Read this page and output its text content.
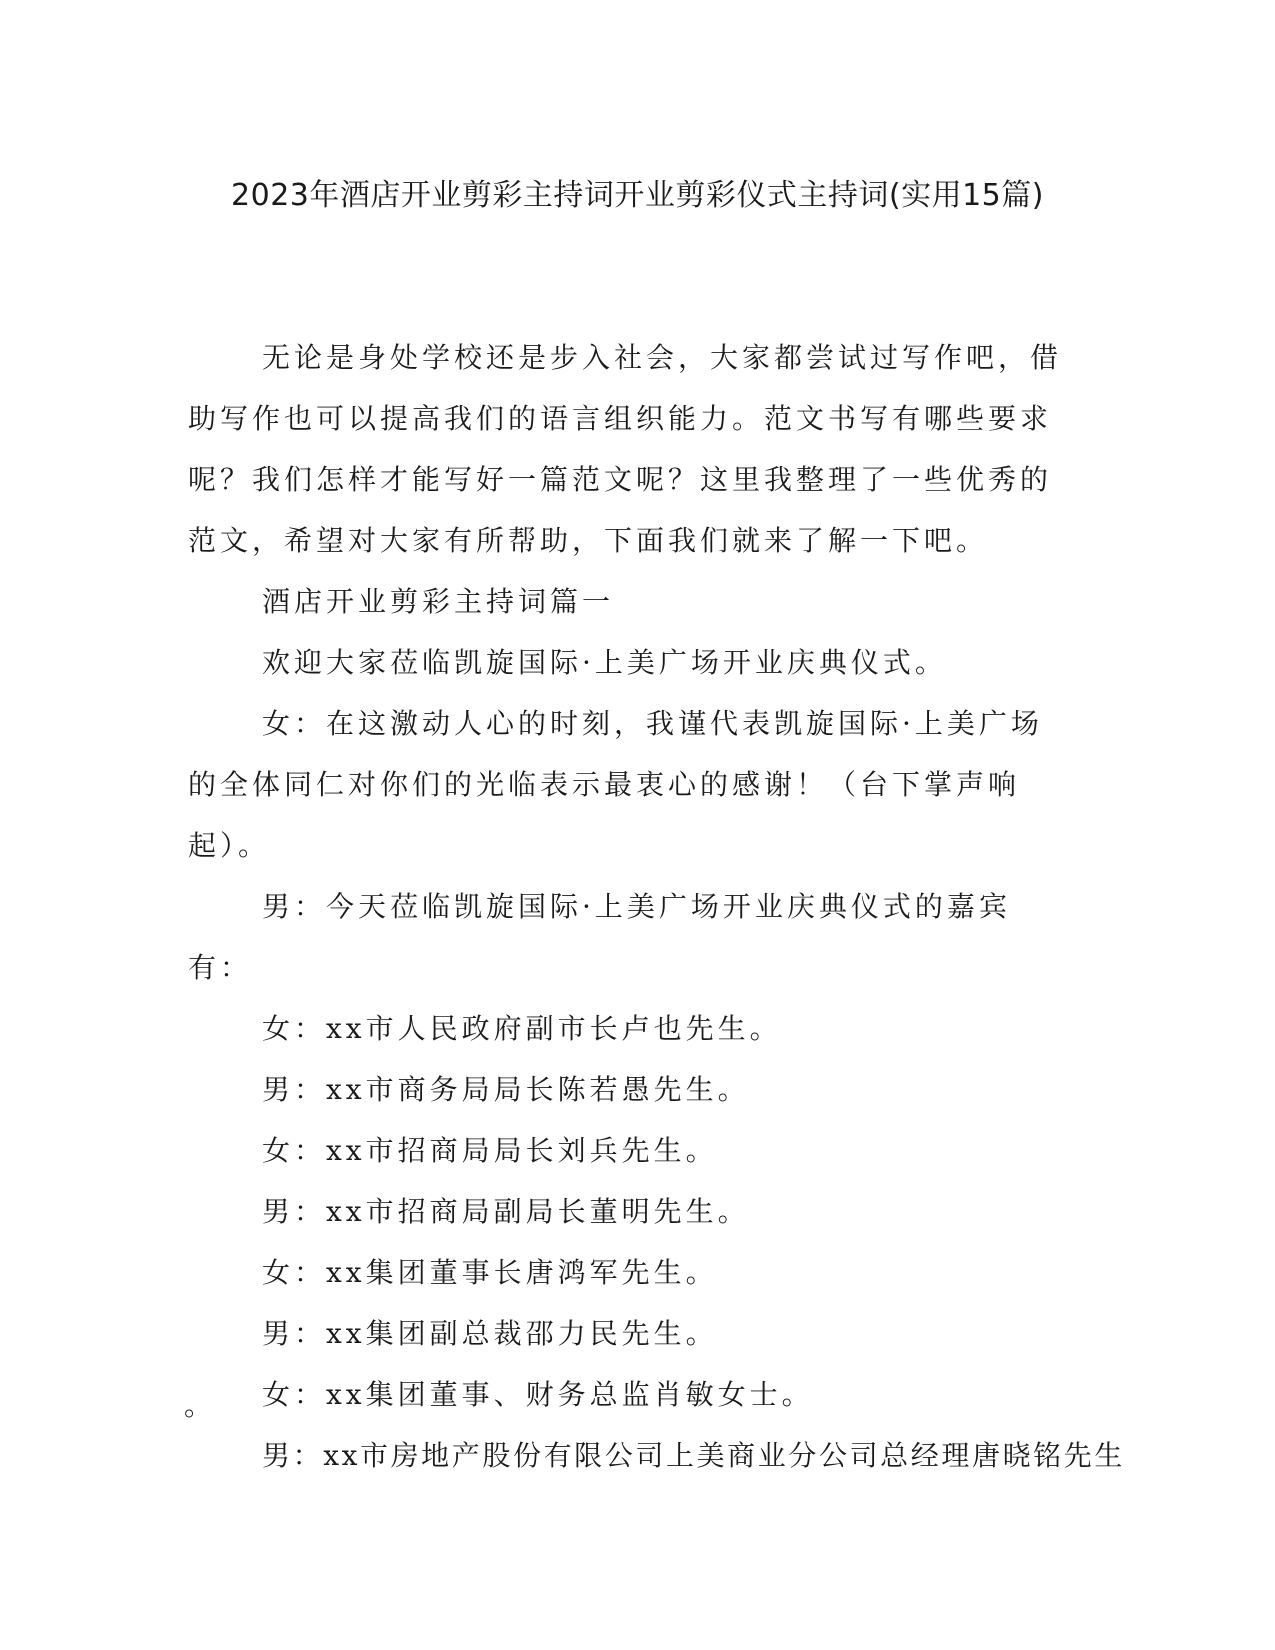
2023年酒店开业剪彩主持词开业剪彩仪式主持词(实用15篇)

无论是身处学校还是步入社会，大家都尝试过写作吧，借助写作也可以提高我们的语言组织能力。范文书写有哪些要求呢？我们怎样才能写好一篇范文呢？这里我整理了一些优秀的范文，希望对大家有所帮助，下面我们就来了解一下吧。

酒店开业剪彩主持词篇一

欢迎大家莅临凯旋国际·上美广场开业庆典仪式。

女：在这激动人心的时刻，我谨代表凯旋国际·上美广场的全体同仁对你们的光临表示最衷心的感谢！（台下掌声响起）。

男：今天莅临凯旋国际·上美广场开业庆典仪式的嘉宾有：

女：xx市人民政府副市长卢也先生。

男：xx市商务局局长陈若愚先生。

女：xx市招商局局长刘兵先生。

男：xx市招商局副局长董明先生。

女：xx集团董事长唐鸿军先生。

男：xx集团副总裁邵力民先生。

女：xx集团董事、财务总监肖敏女士。

男：xx市房地产股份有限公司上美商业分公司总经理唐晓铭先生

。
